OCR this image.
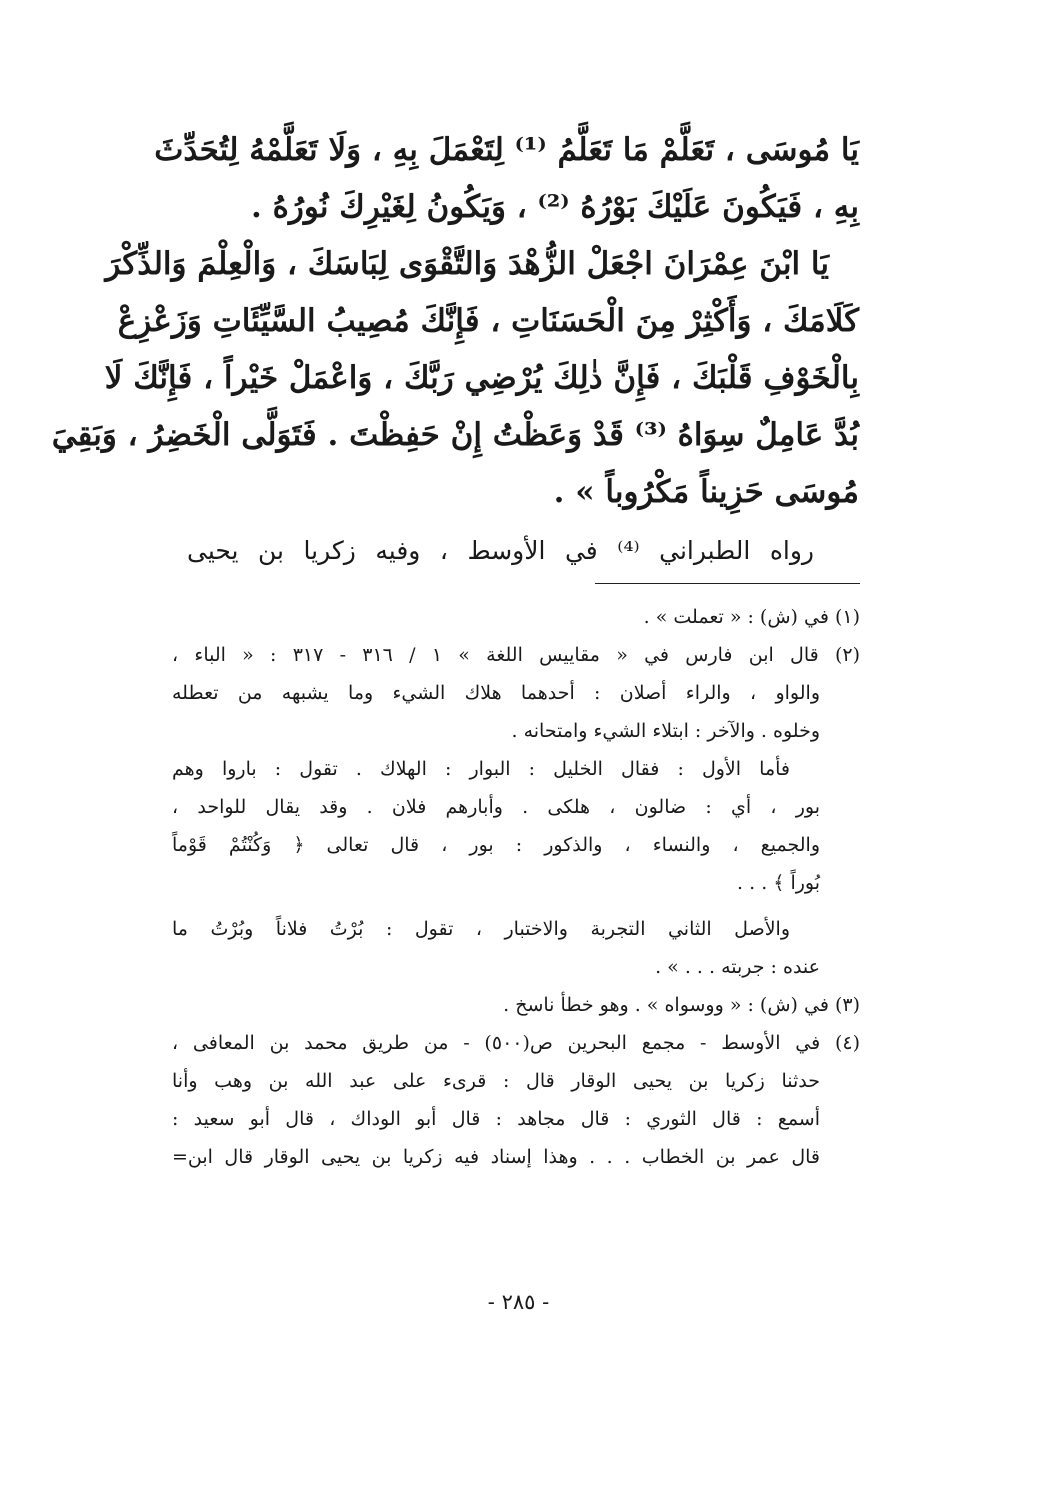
يَا مُوسَى ، تَعَلَّمْ مَا تَعَلَّمُ ⁽¹⁾ لِتَعْمَلَ بِهِ ، وَلَا تَعَلَّمْهُ لِتُحَدِّثَ
بِهِ ، فَيَكُونَ عَلَيْكَ بَوْرُهُ ⁽²⁾ ، وَيَكُونُ لِغَيْرِكَ نُورُهُ .
يَا ابْنَ عِمْرَانَ اجْعَلْ الزُّهْدَ وَالتَّقْوَى لِبَاسَكَ ، وَالْعِلْمَ وَالذِّكْرَ
كَلَامَكَ ، وَأَكْثِرْ مِنَ الْحَسَنَاتِ ، فَإِنَّكَ مُصِيبُ السَّيِّئَاتِ وَزَعْزِعْ
بِالْخَوْفِ قَلْبَكَ ، فَإِنَّ ذٰلِكَ يُرْضِي رَبَّكَ ، وَاعْمَلْ خَيْراً ، فَإِنَّكَ لَا
بُدَّ عَامِلٌ سِوَاهُ ⁽³⁾ قَدْ وَعَظْتُ إِنْ حَفِظْتَ . فَتَوَلَّى الْخَضِرُ ، وَبَقِيَ
مُوسَى حَزِيناً مَكْرُوباً » .
رواه الطبراني ⁽⁴⁾ في الأوسط ، وفيه زكريا بن يحيى
(١) في (ش) : « تعملت » .
(٢) قال ابن فارس في « مقاييس اللغة » ١ / ٣١٦ - ٣١٧ : « الباء ،
والواو ، والراء أصلان : أحدهما هلاك الشيء وما يشبهه من تعطله
وخلوه . والآخر : ابتلاء الشيء وامتحانه .
فأما الأول : فقال الخليل : البوار : الهلاك . تقول : باروا وهم
بور ، أي : ضالون ، هلكى . وأبارهم فلان . وقد يقال للواحد ،
والجميع ، والنساء ، والذكور : بور ، قال تعالى ﴿ وَكُنْتُمْ قَوْماً
بُوراً ﴾ . . .
والأصل الثاني التجربة والاختبار ، تقول : بُرْتُ فلاناً وبُرْتُ ما
عنده : جربته . . . » .
(٣) في (ش) : « ووسواه » . وهو خطأ ناسخ .
(٤) في الأوسط - مجمع البحرين ص(٥٠٠) - من طريق محمد بن المعافى ،
حدثنا زكريا بن يحيى الوقار قال : قرىء على عبد الله بن وهب وأنا
أسمع : قال الثوري : قال مجاهد : قال أبو الوداك ، قال أبو سعيد :
قال عمر بن الخطاب . . . وهذا إسناد فيه زكريا بن يحيى الوقار قال ابن=
- ٢٨٥ -
